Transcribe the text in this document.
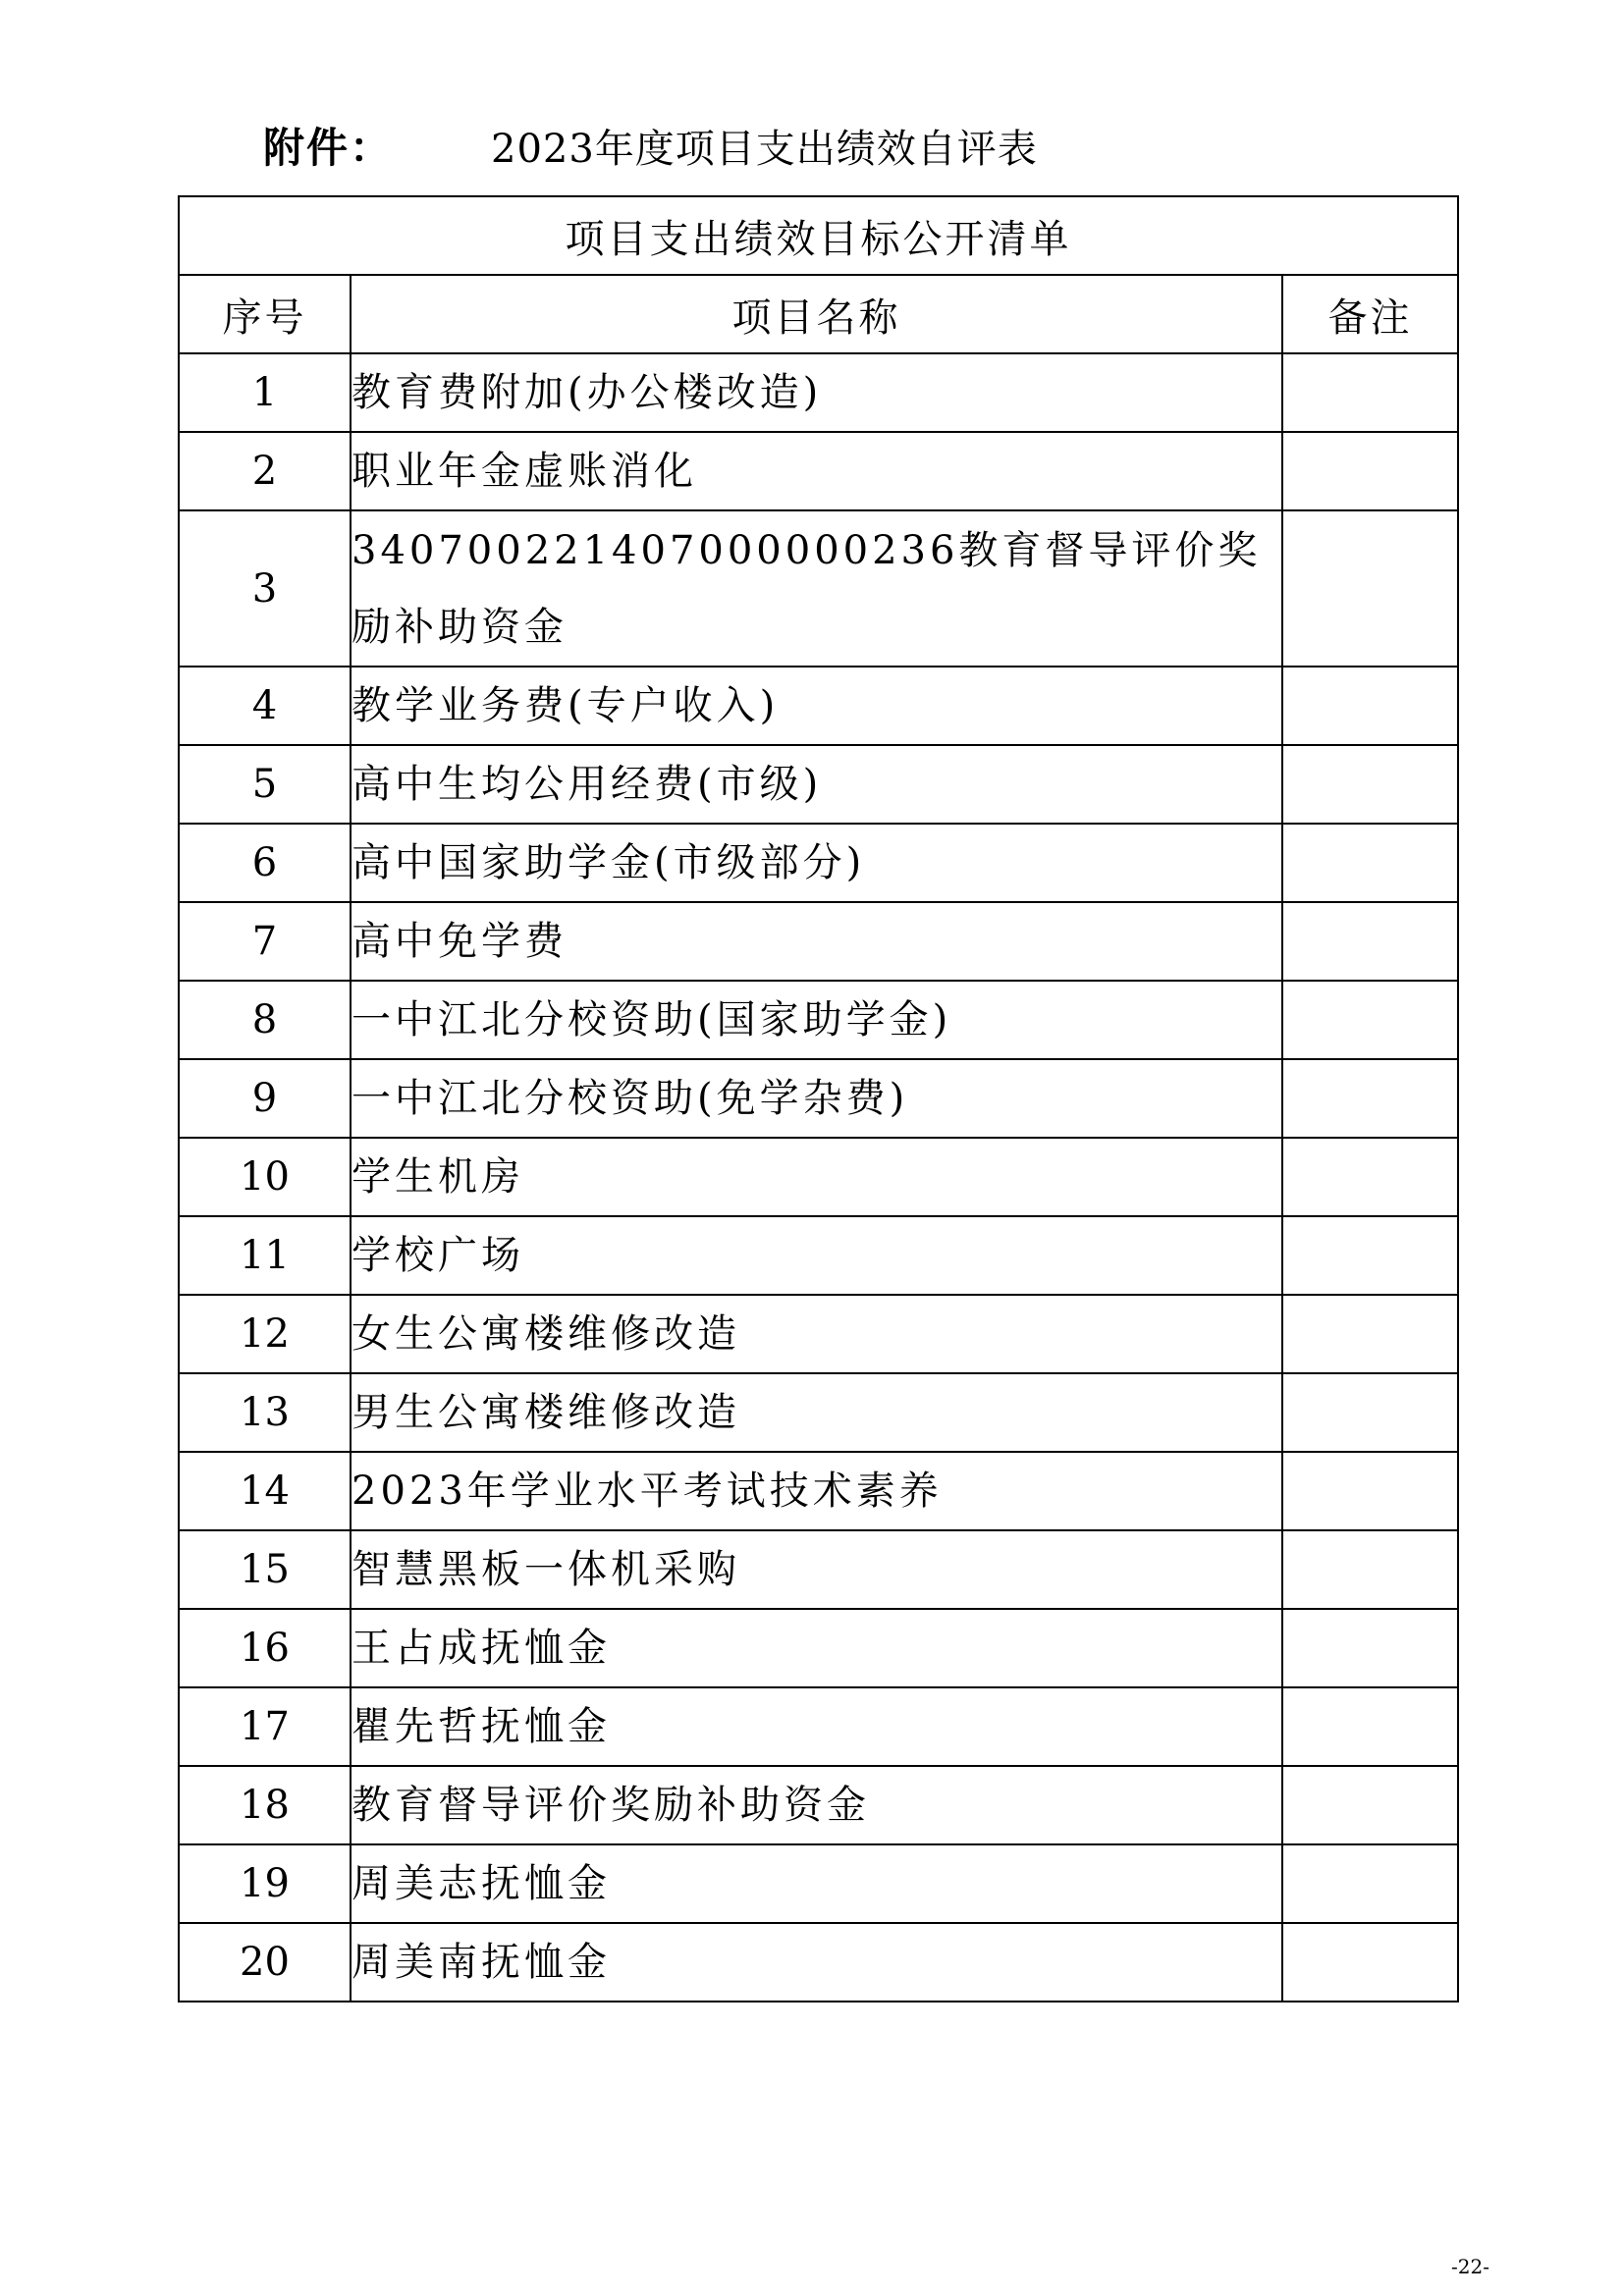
附件：	2023年度项目支出绩效自评表
项目支出绩效目标公开清单		
序号	项目名称	备注
1	教育费附加(办公楼改造)	
2	职业年金虚账消化	
3	340700221407000000236教育督导评价奖励补助资金	
4	教学业务费(专户收入)	
5	高中生均公用经费(市级)	
6	高中国家助学金(市级部分)	
7	高中免学费	
8	一中江北分校资助(国家助学金)	
9	一中江北分校资助(免学杂费)	
10	学生机房	
11	学校广场	
12	女生公寓楼维修改造	
13	男生公寓楼维修改造	
14	2023年学业水平考试技术素养	
15	智慧黑板一体机采购	
16	王占成抚恤金	
17	瞿先哲抚恤金	
18	教育督导评价奖励补助资金	
19	周美志抚恤金	
20	周美南抚恤金	
-22-
